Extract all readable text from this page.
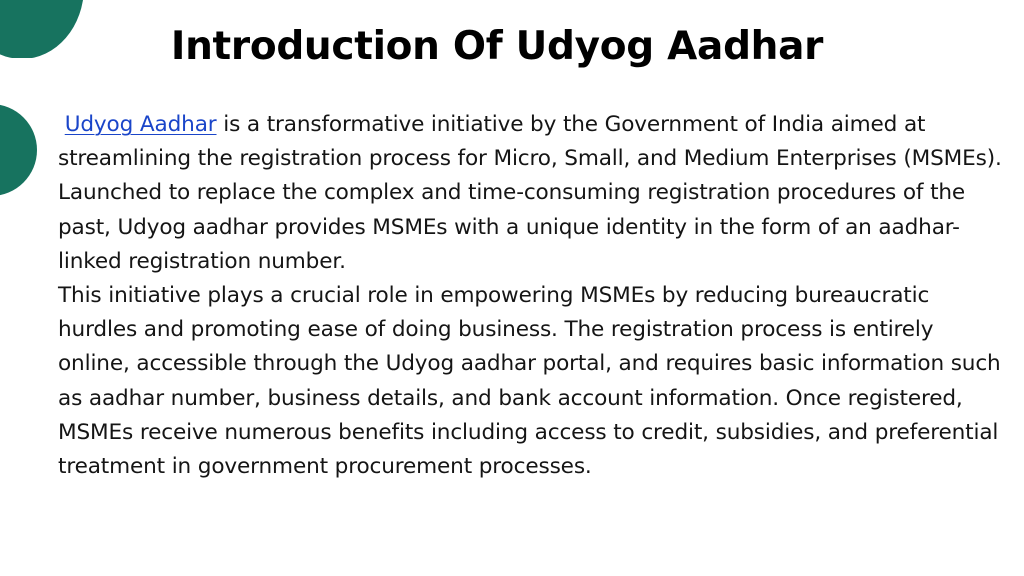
Introduction Of Udyog Aadhar

Udyog Aadhar is a transformative initiative by the Government of India aimed at streamlining the registration process for Micro, Small, and Medium Enterprises (MSMEs). Launched to replace the complex and time-consuming registration procedures of the past, Udyog aadhar provides MSMEs with a unique identity in the form of an aadhar-linked registration number.

This initiative plays a crucial role in empowering MSMEs by reducing bureaucratic hurdles and promoting ease of doing business. The registration process is entirely online, accessible through the Udyog aadhar portal, and requires basic information such as aadhar number, business details, and bank account information. Once registered, MSMEs receive numerous benefits including access to credit, subsidies, and preferential treatment in government procurement processes.
